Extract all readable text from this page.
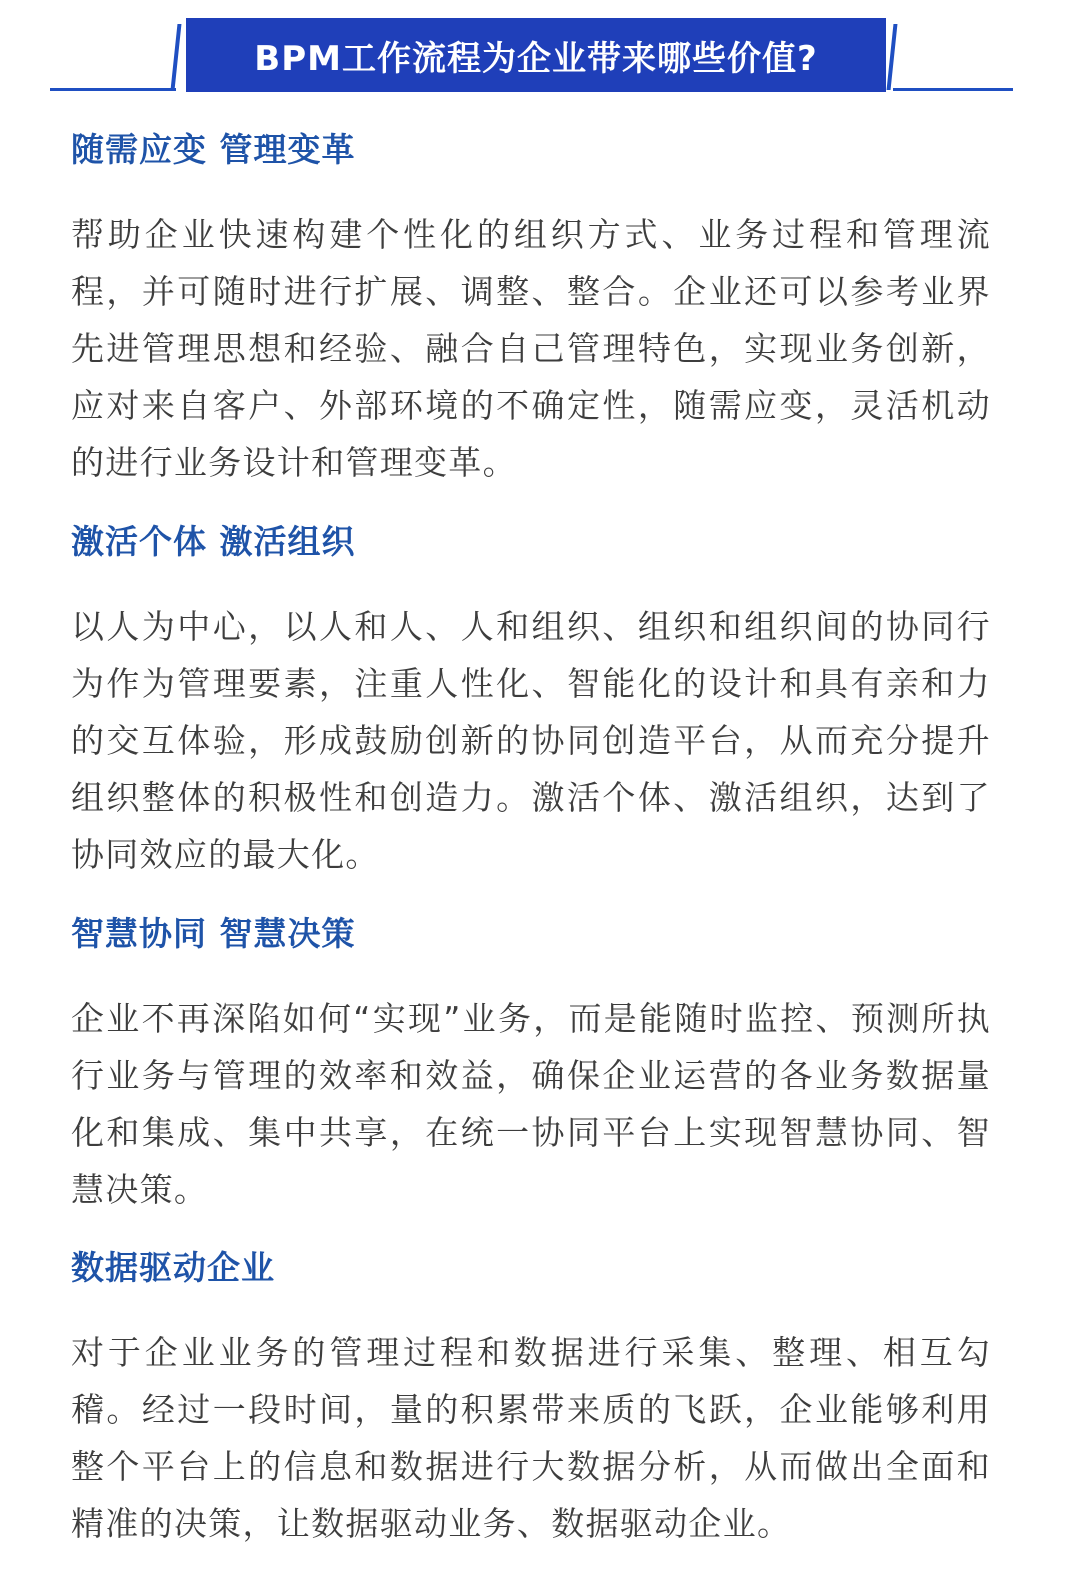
BPM工作流程为企业带来哪些价值?
随需应变 管理变革

帮助企业快速构建个性化的组织方式、业务过程和管理流程，并可随时进行扩展、调整、整合。企业还可以参考业界先进管理思想和经验、融合自己管理特色，实现业务创新，应对来自客户、外部环境的不确定性，随需应变，灵活机动的进行业务设计和管理变革。

激活个体 激活组织

以人为中心，以人和人、人和组织、组织和组织间的协同行为作为管理要素，注重人性化、智能化的设计和具有亲和力的交互体验，形成鼓励创新的协同创造平台，从而充分提升组织整体的积极性和创造力。激活个体、激活组织，达到了协同效应的最大化。

智慧协同 智慧决策

企业不再深陷如何“实现”业务，而是能随时监控、预测所执行业务与管理的效率和效益，确保企业运营的各业务数据量化和集成、集中共享，在统一协同平台上实现智慧协同、智慧决策。

数据驱动企业

对于企业业务的管理过程和数据进行采集、整理、相互勾稽。经过一段时间，量的积累带来质的飞跃，企业能够利用整个平台上的信息和数据进行大数据分析，从而做出全面和精准的决策，让数据驱动业务、数据驱动企业。
